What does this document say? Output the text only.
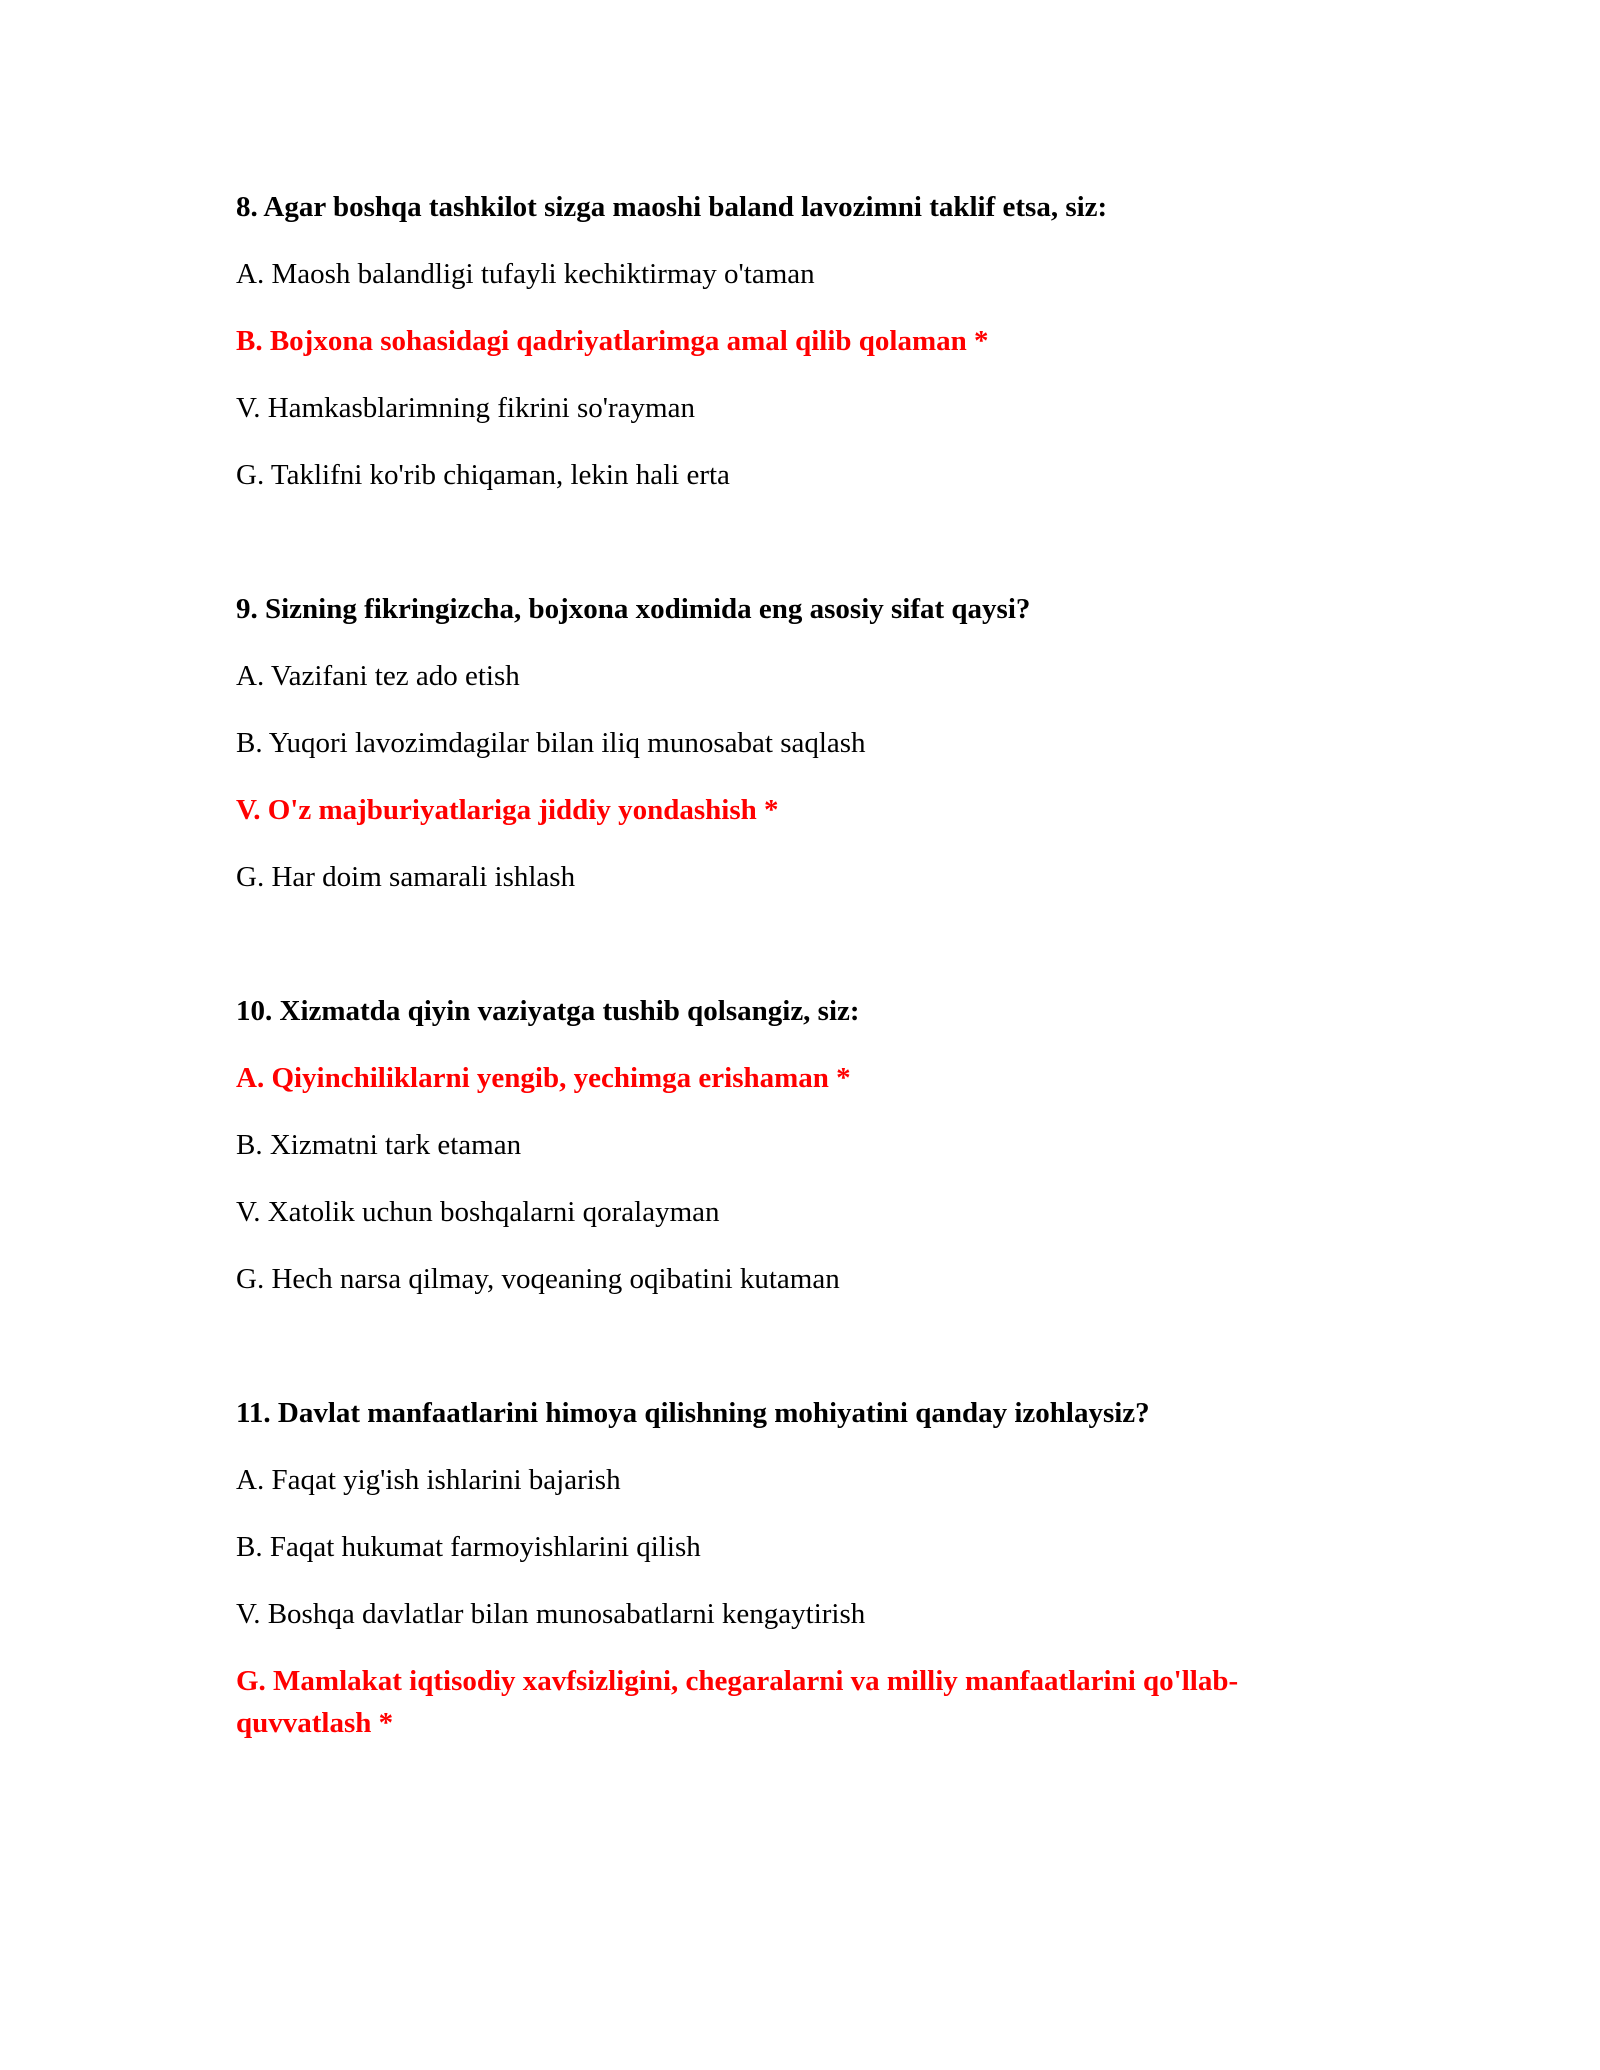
8. Agar boshqa tashkilot sizga maoshi baland lavozimni taklif etsa, siz:

A. Maosh balandligi tufayli kechiktirmay o'taman

B. Bojxona sohasidagi qadriyatlarimga amal qilib qolaman *

V. Hamkasblarimning fikrini so'rayman

G. Taklifni ko'rib chiqaman, lekin hali erta

9. Sizning fikringizcha, bojxona xodimida eng asosiy sifat qaysi?

A. Vazifani tez ado etish

B. Yuqori lavozimdagilar bilan iliq munosabat saqlash

V. O'z majburiyatlariga jiddiy yondashish *

G. Har doim samarali ishlash

10. Xizmatda qiyin vaziyatga tushib qolsangiz, siz:

A. Qiyinchiliklarni yengib, yechimga erishaman *

B. Xizmatni tark etaman

V. Xatolik uchun boshqalarni qoralayman

G. Hech narsa qilmay, voqeaning oqibatini kutaman

11. Davlat manfaatlarini himoya qilishning mohiyatini qanday izohlaysiz?

A. Faqat yig'ish ishlarini bajarish

B. Faqat hukumat farmoyishlarini qilish

V. Boshqa davlatlar bilan munosabatlarni kengaytirish

G. Mamlakat iqtisodiy xavfsizligini, chegaralarni va milliy manfaatlarini qo'llab-quvvatlash *
